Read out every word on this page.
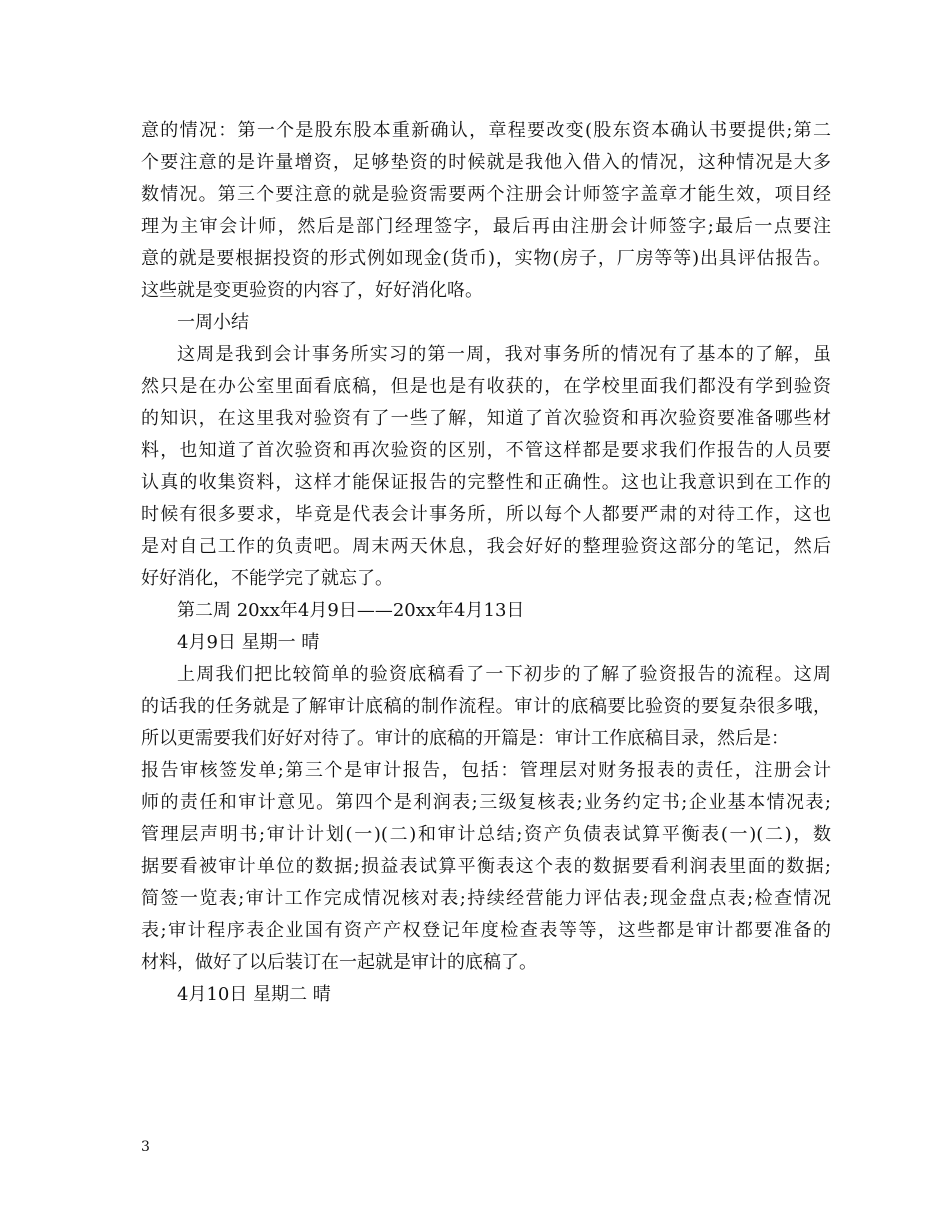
意的情况：第一个是股东股本重新确认，章程要改变(股东资本确认书要提供;第二
个要注意的是许量增资，足够垫资的时候就是我他入借入的情况，这种情况是大多
数情况。第三个要注意的就是验资需要两个注册会计师签字盖章才能生效，项目经
理为主审会计师，然后是部门经理签字，最后再由注册会计师签字;最后一点要注
意的就是要根据投资的形式例如现金(货币)，实物(房子，厂房等等)出具评估报告。
这些就是变更验资的内容了，好好消化咯。
一周小结
这周是我到会计事务所实习的第一周，我对事务所的情况有了基本的了解，虽
然只是在办公室里面看底稿，但是也是有收获的，在学校里面我们都没有学到验资
的知识，在这里我对验资有了一些了解，知道了首次验资和再次验资要准备哪些材
料，也知道了首次验资和再次验资的区别，不管这样都是要求我们作报告的人员要
认真的收集资料，这样才能保证报告的完整性和正确性。这也让我意识到在工作的
时候有很多要求，毕竟是代表会计事务所，所以每个人都要严肃的对待工作，这也
是对自己工作的负责吧。周末两天休息，我会好好的整理验资这部分的笔记，然后
好好消化，不能学完了就忘了。
第二周 20xx年4月9日——20xx年4月13日
4月9日 星期一 晴
上周我们把比较简单的验资底稿看了一下初步的了解了验资报告的流程。这周
的话我的任务就是了解审计底稿的制作流程。审计的底稿要比验资的要复杂很多哦，
所以更需要我们好好对待了。审计的底稿的开篇是：审计工作底稿目录，然后是：
报告审核签发单;第三个是审计报告，包括：管理层对财务报表的责任，注册会计
师的责任和审计意见。第四个是利润表;三级复核表;业务约定书;企业基本情况表;
管理层声明书;审计计划(一)(二)和审计总结;资产负债表试算平衡表(一)(二)，数
据要看被审计单位的数据;损益表试算平衡表这个表的数据要看利润表里面的数据;
简签一览表;审计工作完成情况核对表;持续经营能力评估表;现金盘点表;检查情况
表;审计程序表企业国有资产产权登记年度检查表等等，这些都是审计都要准备的
材料，做好了以后装订在一起就是审计的底稿了。
4月10日 星期二 晴
3
